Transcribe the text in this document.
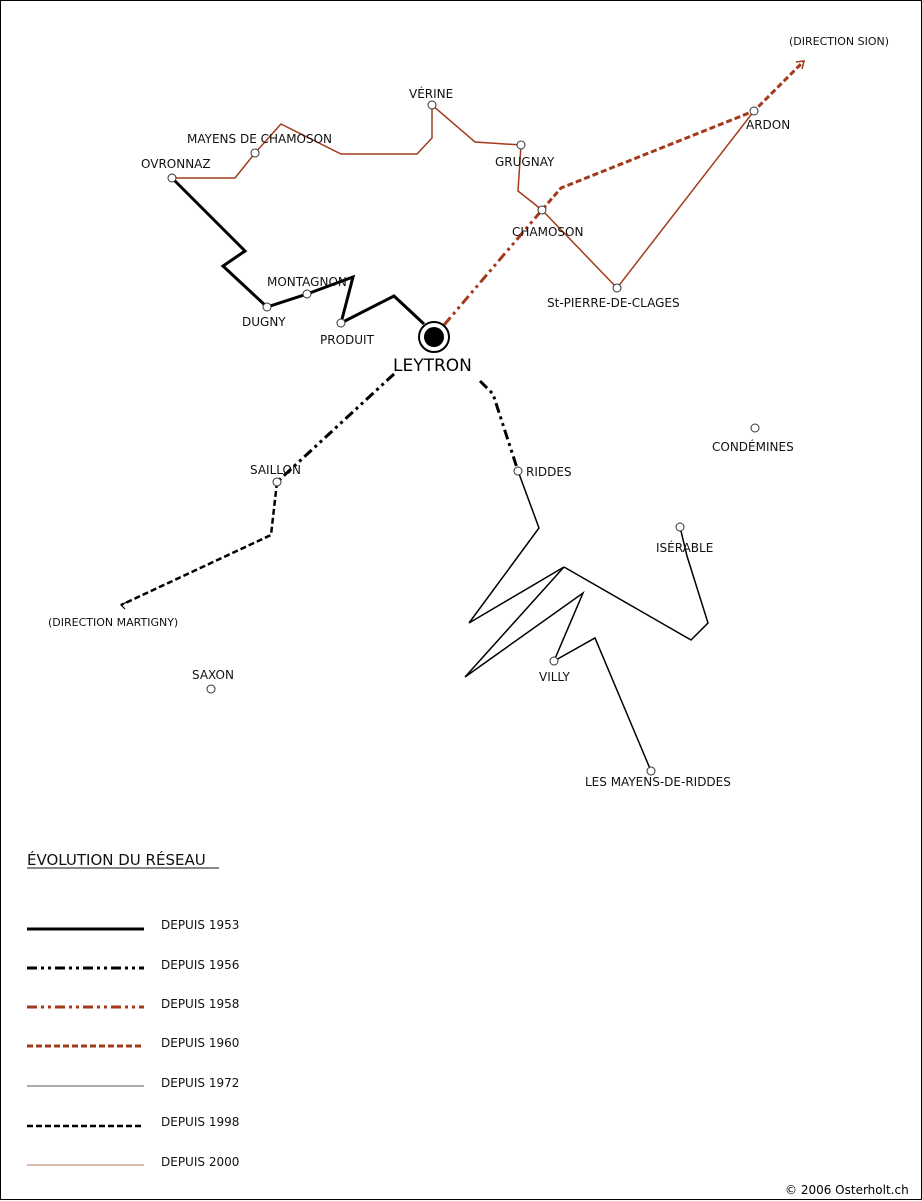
OVRONNAZ
MAYENS DE CHAMOSON
VÉRINE
GRUGNAY
CHAMOSON
ARDON
St-PIERRE-DE-CLAGES
MONTAGNON
DUGNY
PRODUIT
LEYTRON
SAILLON	RIDDES
CONDÉMINES
ISÉRABLE
VILLY
SAXON
LES MAYENS-DE-RIDDES
(DIRECTION SION)
(DIRECTION MARTIGNY)
ÉVOLUTION DU RÉSEAU
DEPUIS 1953
DEPUIS 1956
DEPUIS 1958
DEPUIS 1960
DEPUIS 1972
DEPUIS 1998
DEPUIS 2000
© 2006 Osterholt.ch
